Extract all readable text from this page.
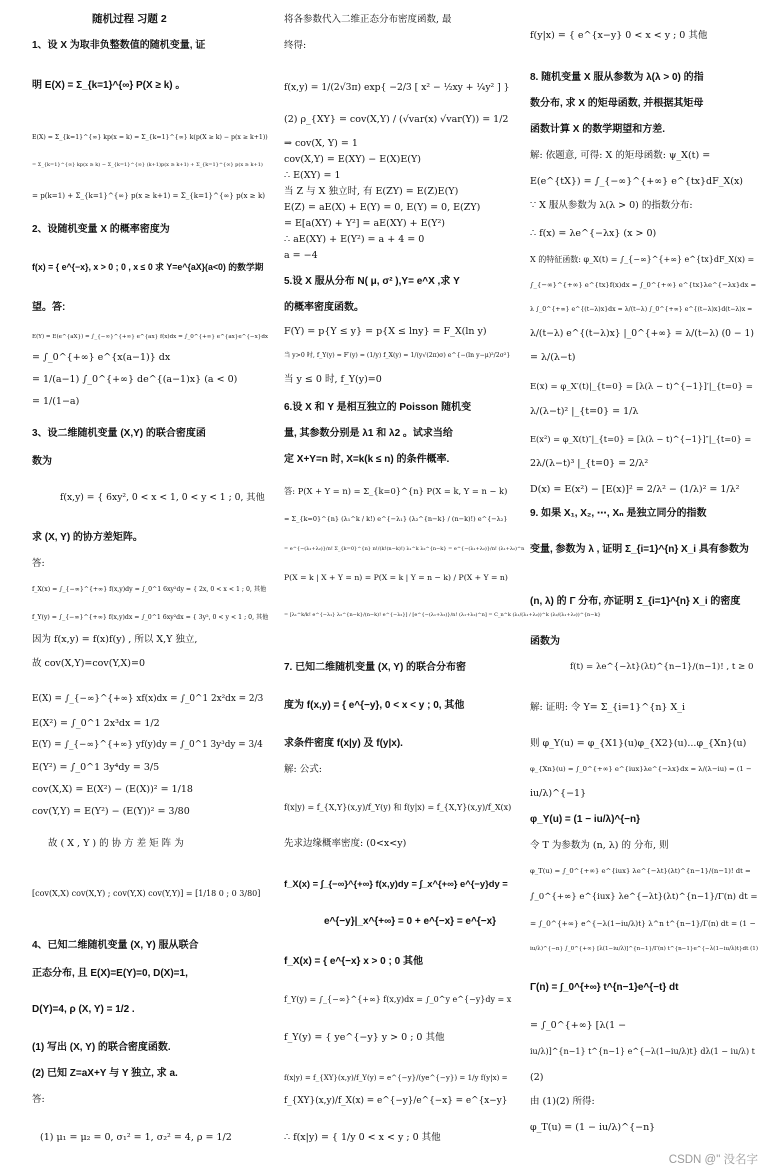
随机过程 习题 2
1、设 X 为取非负整数值的随机变量, 证
明 E(X) = Σ_{k=1}^{∞} P(X ≥ k) 。
E(X) = Σ_{k=1}^{∞} kp(x = k) = Σ_{k=1}^{∞} k(p(X ≥ k) − p(x ≥ k+1))
= Σ_{k=1}^{∞} kp(x ≥ k) − Σ_{k=1}^{∞} (k+1)p(x ≥ k+1) + Σ_{k=1}^{∞} p(x ≥ k+1)
= p(k=1) + Σ_{k=1}^{∞} p(x ≥ k+1) = Σ_{k=1}^{∞} p(x ≥ k)
2、设随机变量 X 的概率密度为
f(x) = { e^{−x}, x > 0 ; 0 , x ≤ 0 求 Y=e^{aX}(a<0) 的数学期
望。答:
E(Y) = E(e^{aX}) = ∫_{−∞}^{+∞} e^{ax} f(x)dx = ∫_0^{+∞} e^{ax}e^{−x}dx
= ∫_0^{+∞} e^{x(a−1)} dx
= 1/(a−1) ∫_0^{+∞} de^{(a−1)x} (a < 0)
= 1/(1−a)
3、设二维随机变量 (X,Y) 的联合密度函
数为
f(x,y) = { 6xy², 0 < x < 1, 0 < y < 1 ; 0, 其他
求 (X, Y) 的协方差矩阵。
答:
f_X(x) = ∫_{−∞}^{+∞} f(x,y)dy = ∫_0^1 6xy²dy = { 2x, 0 < x < 1 ; 0, 其他
f_Y(y) = ∫_{−∞}^{+∞} f(x,y)dx = ∫_0^1 6xy²dx = { 3y², 0 < y < 1 ; 0, 其他
因为 f(x,y) = f(x)f(y) , 所以 X,Y 独立,
故 cov(X,Y)=cov(Y,X)=0
E(X) = ∫_{−∞}^{+∞} xf(x)dx = ∫_0^1 2x²dx = 2/3
E(X²) = ∫_0^1 2x³dx = 1/2
E(Y) = ∫_{−∞}^{+∞} yf(y)dy = ∫_0^1 3y³dy = 3/4
E(Y²) = ∫_0^1 3y⁴dy = 3/5
cov(X,X) = E(X²) − (E(X))² = 1/18
cov(Y,Y) = E(Y²) − (E(Y))² = 3/80
故 ( X , Y ) 的 协 方 差 矩 阵 为
[cov(X,X) cov(X,Y) ; cov(Y,X) cov(Y,Y)] = [1/18 0 ; 0 3/80]
4、已知二维随机变量 (X, Y) 服从联合
正态分布, 且 E(X)=E(Y)=0, D(X)=1,
D(Y)=4, ρ (X, Y) = 1/2 .
(1) 写出 (X, Y) 的联合密度函数.
(2) 已知 Z=aX+Y 与 Y 独立, 求 a.
答:
(1) μ₁ = μ₂ = 0, σ₁² = 1, σ₂² = 4, ρ = 1/2
将各参数代入二维正态分布密度函数, 最
终得:
f(x,y) = 1/(2√3π) exp{ −2/3 [ x² − ½xy + ¼y² ] }
(2) ρ_{XY} = cov(X,Y) / (√var(x) √var(Y)) = 1/2
⇒ cov(X, Y) = 1
cov(X,Y) = E(XY) − E(X)E(Y)
∴ E(XY) = 1
当 Z 与 X 独立时, 有 E(ZY) = E(Z)E(Y)
E(Z) = aE(X) + E(Y) = 0, E(Y) = 0, E(ZY)
= E[a(XY) + Y²] = aE(XY) + E(Y²)
∴ aE(XY) + E(Y²) = a + 4 = 0
a = −4
5.设 X 服从分布 N( μ, σ² ),Y= e^X ,求 Y
的概率密度函数。
F(Y) = p{Y ≤ y} = p{X ≤ lny} = F_X(ln y)
当 y>0 时, f_Y(y) = F′(y) = (1/y) f_X(y) = 1/(y√(2π)σ) e^{−(ln y−μ)²/2σ²}
当 y ≤ 0 时, f_Y(y)=0
6.设 X 和 Y 是相互独立的 Poisson 随机变
量, 其参数分别是 λ1 和 λ2 。试求当给
定 X+Y=n 时, X=k(k ≤ n) 的条件概率.
答: P(X + Y = n) = Σ_{k=0}^{n} P(X = k, Y = n − k)
= Σ_{k=0}^{n} (λ₁^k / k!) e^{−λ₁} (λ₂^{n−k} / (n−k)!) e^{−λ₂}
= e^{−(λ₁+λ₂)}/n! Σ_{k=0}^{n} n!/(k!(n−k)!) λ₁^k λ₂^{n−k} = e^{−(λ₁+λ₂)}/n! (λ₁+λ₂)^n
P(X = k | X + Y = n) = P(X = k | Y = n − k) / P(X + Y = n)
= [λ₁^k/k! e^{−λ₁} λ₂^{n−k}/(n−k)! e^{−λ₂}] / [e^{−(λ₁+λ₂)}/n! (λ₁+λ₂)^n] = C_n^k (λ₁/(λ₁+λ₂))^k (λ₂/(λ₁+λ₂))^{n−k}
7. 已知二维随机变量 (X, Y) 的联合分布密
度为 f(x,y) = { e^{−y}, 0 < x < y ; 0, 其他
求条件密度 f(x|y) 及 f(y|x).
解: 公式:
f(x|y) = f_{X,Y}(x,y)/f_Y(y) 和 f(y|x) = f_{X,Y}(x,y)/f_X(x)
先求边缘概率密度: (0<x<y)
f_X(x) = ∫_{−∞}^{+∞} f(x,y)dy = ∫_x^{+∞} e^{−y}dy =
e^{−y}|_x^{+∞} = 0 + e^{−x} = e^{−x}
f_X(x) = { e^{−x} x > 0 ; 0 其他
f_Y(y) = ∫_{−∞}^{+∞} f(x,y)dx = ∫_0^y e^{−y}dy = x
f_Y(y) = { ye^{−y} y > 0 ; 0 其他
f(x|y) = f_{XY}(x,y)/f_Y(y) = e^{−y}/(ye^{−y}) = 1/y f(y|x) =
f_{XY}(x,y)/f_X(x) = e^{−y}/e^{−x} = e^{x−y}
∴ f(x|y) = { 1/y 0 < x < y ; 0 其他
f(y|x) = { e^{x−y} 0 < x < y ; 0 其他
8. 随机变量 X 服从参数为 λ(λ > 0) 的指
数分布, 求 X 的矩母函数, 并根据其矩母
函数计算 X 的数学期望和方差.
解: 依题意, 可得: X 的矩母函数: ψ_X(t) =
E(e^{tX}) = ∫_{−∞}^{+∞} e^{tx}dF_X(x)
∵ X 服从参数为 λ(λ > 0) 的指数分布:
∴ f(x) = λe^{−λx} (x > 0)
X 的特征函数: φ_X(t) = ∫_{−∞}^{+∞} e^{tx}dF_X(x) =
∫_{−∞}^{+∞} e^{tx}f(x)dx = ∫_0^{+∞} e^{tx}λe^{−λx}dx =
λ ∫_0^{+∞} e^{(t−λ)x}dx = λ/(t−λ) ∫_0^{+∞} e^{(t−λ)x}d(t−λ)x =
λ/(t−λ) e^{(t−λ)x} |_0^{+∞} = λ/(t−λ) (0 − 1)
= λ/(λ−t)
E(x) = φ_X′(t)|_{t=0} = [λ(λ − t)^{−1}]′|_{t=0} =
λ/(λ−t)² |_{t=0} = 1/λ
E(x²) = φ_X(t)″|_{t=0} = [λ(λ − t)^{−1}]″|_{t=0} =
2λ/(λ−t)³ |_{t=0} = 2/λ²
D(x) = E(x²) − [E(x)]² = 2/λ² − (1/λ)² = 1/λ²
9. 如果 X₁, X₂, ⋯, Xₙ 是独立同分的指数
变量, 参数为 λ , 证明 Σ_{i=1}^{n} X_i 具有参数为
(n, λ) 的 Γ 分布, 亦证明 Σ_{i=1}^{n} X_i 的密度
函数为
f(t) = λe^{−λt}(λt)^{n−1}/(n−1)! , t ≥ 0
解: 证明: 令 Y= Σ_{i=1}^{n} X_i
则 φ_Y(u) = φ_{X1}(u)φ_{X2}(u)...φ_{Xn}(u)
φ_{Xn}(u) = ∫_0^{+∞} e^{iux}λe^{−λx}dx = λ/(λ−iu) = (1 −
iu/λ)^{−1}
φ_Y(u) = (1 − iu/λ)^{−n}
令 T 为参数为 (n, λ) 的 分布, 则
φ_T(u) = ∫_0^{+∞} e^{iux} λe^{−λt}(λt)^{n−1}/(n−1)! dt =
∫_0^{+∞} e^{iux} λe^{−λt}(λt)^{n−1}/Γ(n) dt =
= ∫_0^{+∞} e^{−λ(1−iu/λ)t} λ^n t^{n−1}/Γ(n) dt = (1 −
iu/λ)^{−n} ∫_0^{+∞} [λ(1−iu/λ)]^{n−1}/Γ(n) t^{n−1}e^{−λ(1−iu/λ)t}dt (1)
Γ(n) = ∫_0^{+∞} t^{n−1}e^{−t} dt
= ∫_0^{+∞} [λ(1 −
iu/λ)]^{n−1} t^{n−1} e^{−λ(1−iu/λ)t} dλ(1 − iu/λ) t
(2)
由 (1)(2) 所得:
φ_T(u) = (1 − iu/λ)^{−n}
CSDN @" 没名字
